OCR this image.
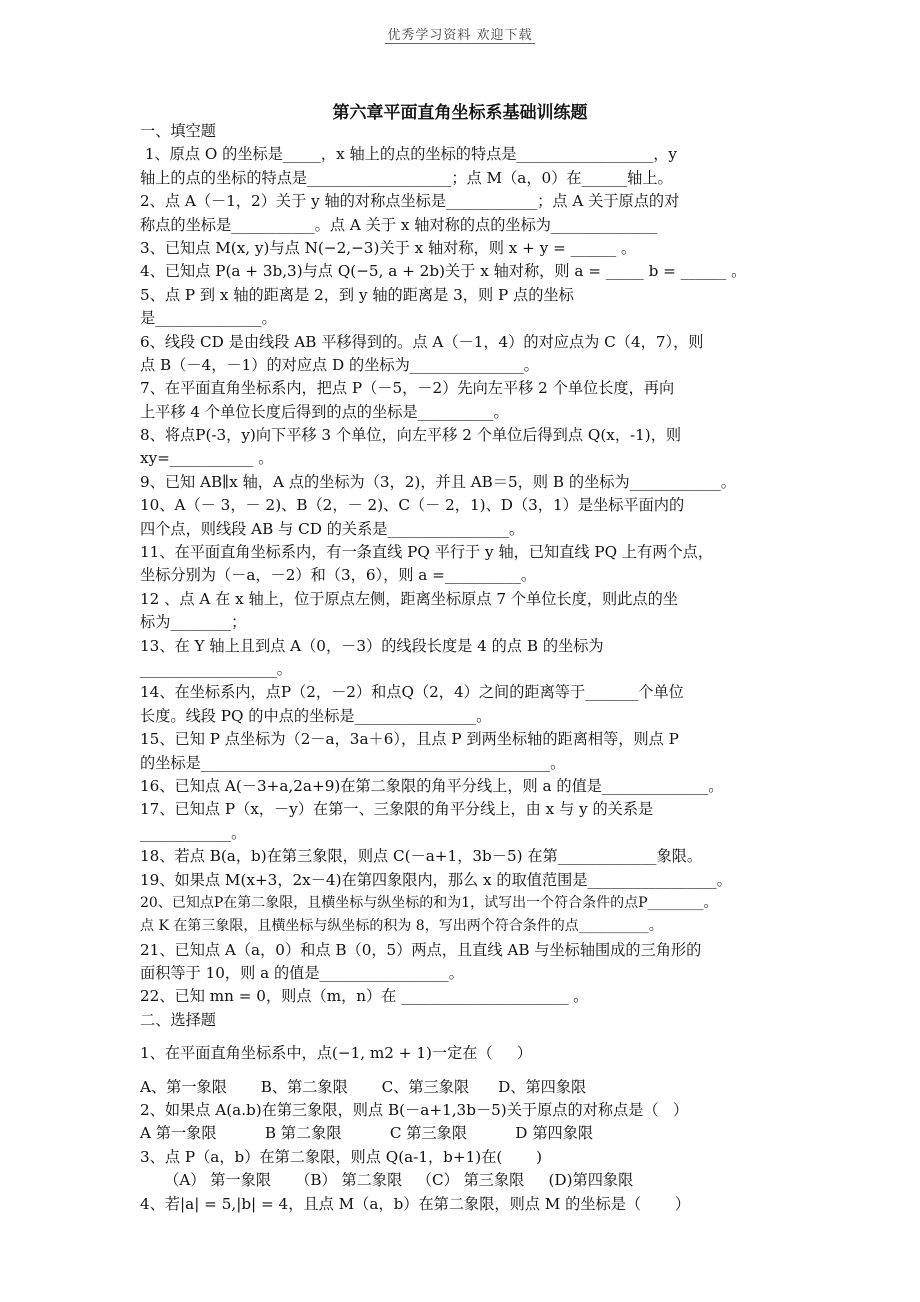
优秀学习资料 欢迎下载
第六章平面直角坐标系基础训练题
一、填空题
1、原点 O 的坐标是_____，x 轴上的点的坐标的特点是__________________，y
轴上的点的坐标的特点是___________________；点 M（a，0）在______轴上。
2、点 A（－1，2）关于 y 轴的对称点坐标是____________；点 A 关于原点的对
称点的坐标是___________。点 A 关于 x 轴对称的点的坐标为______________
3、已知点 M(x, y)与点 N(−2,−3)关于 x 轴对称，则 x + y = ______ 。
4、已知点 P(a + 3b,3)与点 Q(−5, a + 2b)关于 x 轴对称，则 a = _____ b = ______ 。
5、点 P 到 x 轴的距离是 2，到 y 轴的距离是 3，则 P 点的坐标
是______________。
6、线段 CD 是由线段 AB 平移得到的。点 A（－1，4）的对应点为 C（4，7），则
点 B（－4，－1）的对应点 D 的坐标为_______________。
7、在平面直角坐标系内，把点 P（－5，－2）先向左平移 2 个单位长度，再向
上平移 4 个单位长度后得到的点的坐标是__________。
8、将点P(-3，y)向下平移 3 个单位，向左平移 2 个单位后得到点 Q(x，-1)，则
xy=___________ 。
9、已知 AB∥x 轴，A 点的坐标为（3，2)，并且 AB＝5，则 B 的坐标为____________。
10、A（－ 3，－ 2)、B（2，－ 2)、C（－ 2，1)、D（3，1）是坐标平面内的
四个点，则线段 AB 与 CD 的关系是________________。
11、在平面直角坐标系内，有一条直线 PQ 平行于 y 轴，已知直线 PQ 上有两个点，
坐标分别为（－a，－2）和（3，6），则 a =__________。
12 、点 A 在 x 轴上，位于原点左侧，距离坐标原点 7 个单位长度，则此点的坐
标为________；
13、在 Y 轴上且到点 A（0，－3）的线段长度是 4 的点 B 的坐标为
__________________。
14、在坐标系内，点P（2，－2）和点Q（2，4）之间的距离等于_______个单位
长度。线段 PQ 的中点的坐标是________________。
15、已知 P 点坐标为（2－a，3a＋6），且点 P 到两坐标轴的距离相等，则点 P
的坐标是______________________________________________。
16、已知点 A(－3+a,2a+9)在第二象限的角平分线上，则 a 的值是______________。
17、已知点 P（x，－y）在第一、三象限的角平分线上，由 x 与 y 的关系是
____________。
18、若点 B(a，b)在第三象限，则点 C(－a+1，3b－5) 在第_____________象限。
19、如果点 M(x+3，2x－4)在第四象限内，那么 x 的取值范围是_________________。
20、已知点P在第二象限，且横坐标与纵坐标的和为1，试写出一个符合条件的点P________。
点 K 在第三象限，且横坐标与纵坐标的积为 8，写出两个符合条件的点__________。
21、已知点 A（a，0）和点 B（0，5）两点，且直线 AB 与坐标轴围成的三角形的
面积等于 10，则 a 的值是_________________。
22、已知 mn = 0，则点（m，n）在 ______________________ 。
二、选择题
1、在平面直角坐标系中，点(−1, m2 + 1)一定在（     ）
A、第一象限       B、第二象限       C、第三象限      D、第四象限
2、如果点 A(a.b)在第三象限，则点 B(－a+1,3b－5)关于原点的对称点是（   ）
A 第一象限          B 第二象限          C 第三象限          D 第四象限
3、点 P（a，b）在第二象限，则点 Q(a-1，b+1)在(       )
（A） 第一象限     （B） 第二象限   （C） 第三象限     (D)第四象限
4、若|a| = 5,|b| = 4，且点 M（a，b）在第二象限，则点 M 的坐标是（       ）
